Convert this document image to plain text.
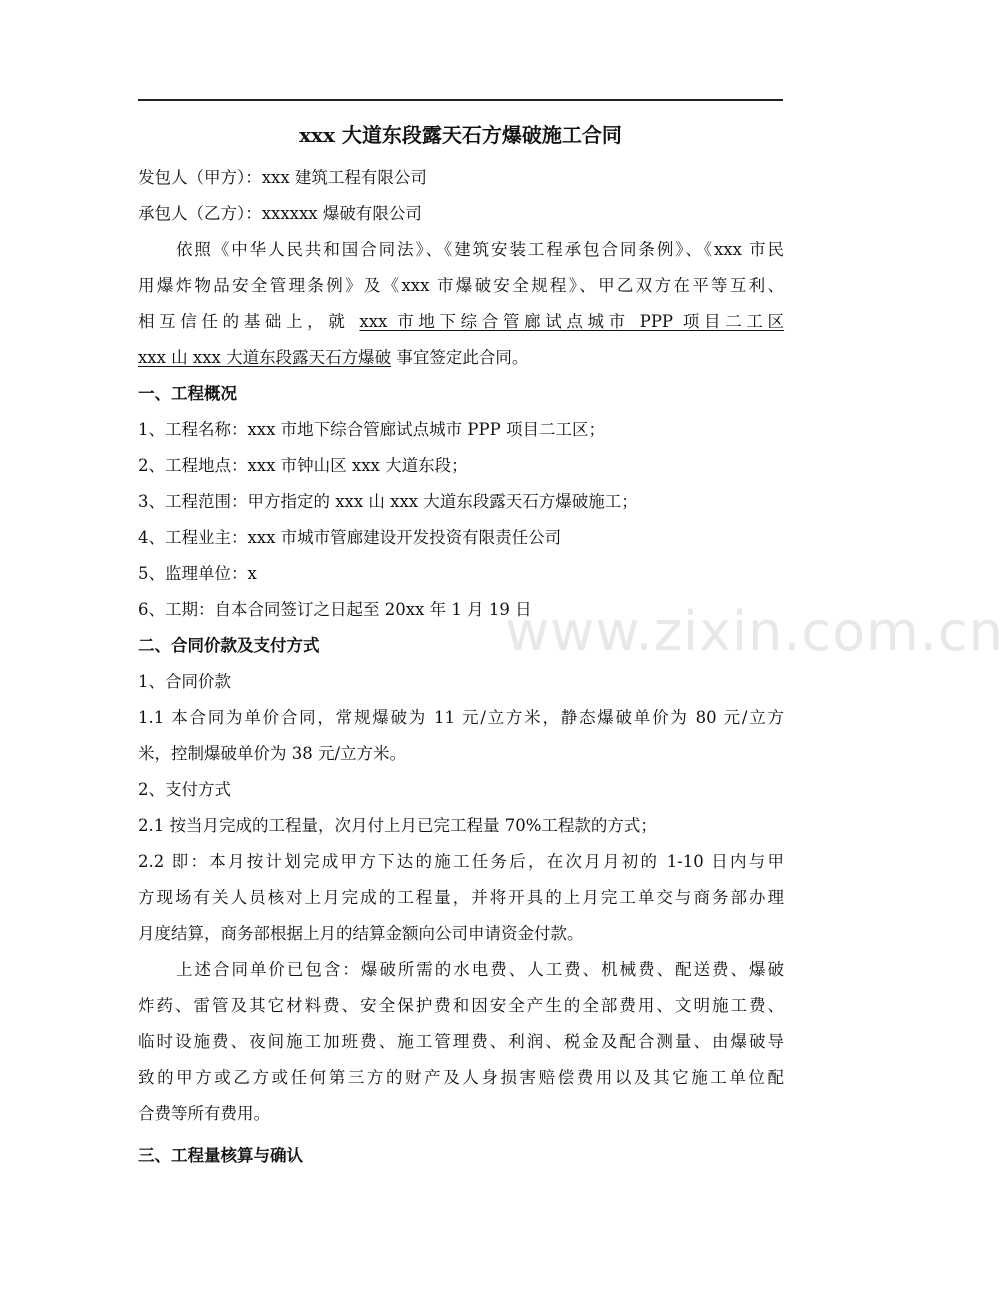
xxx 大道东段露天石方爆破施工合同
发包人（甲方）：xxx 建筑工程有限公司
承包人（乙方）：xxxxxx 爆破有限公司
依照《中华人民共和国合同法》、《建筑安装工程承包合同条例》、《xxx 市民
用爆炸物品安全管理条例》及《xxx 市爆破安全规程》、甲乙双方在平等互利、
相互信任的基础上，就 xxx 市地下综合管廊试点城市 PPP 项目二工区
xxx 山 xxx 大道东段露天石方爆破 事宜签定此合同。
一、工程概况
1、工程名称：xxx 市地下综合管廊试点城市 PPP 项目二工区；
2、工程地点：xxx 市钟山区 xxx 大道东段；
3、工程范围：甲方指定的 xxx 山 xxx 大道东段露天石方爆破施工；
4、工程业主：xxx 市城市管廊建设开发投资有限责任公司
5、监理单位：x
6、工期：自本合同签订之日起至 20xx 年 1 月 19 日
二、合同价款及支付方式
1、合同价款
1.1 本合同为单价合同，常规爆破为 11 元/立方米，静态爆破单价为 80 元/立方
米，控制爆破单价为 38 元/立方米。
2、支付方式
2.1 按当月完成的工程量，次月付上月已完工程量 70%工程款的方式；
2.2 即：本月按计划完成甲方下达的施工任务后，在次月月初的 1-10 日内与甲
方现场有关人员核对上月完成的工程量，并将开具的上月完工单交与商务部办理
月度结算，商务部根据上月的结算金额向公司申请资金付款。
上述合同单价已包含：爆破所需的水电费、人工费、机械费、配送费、爆破
炸药、雷管及其它材料费、安全保护费和因安全产生的全部费用、文明施工费、
临时设施费、夜间施工加班费、施工管理费、利润、税金及配合测量、由爆破导
致的甲方或乙方或任何第三方的财产及人身损害赔偿费用以及其它施工单位配
合费等所有费用。
三、工程量核算与确认
www.zixin.com.cn
